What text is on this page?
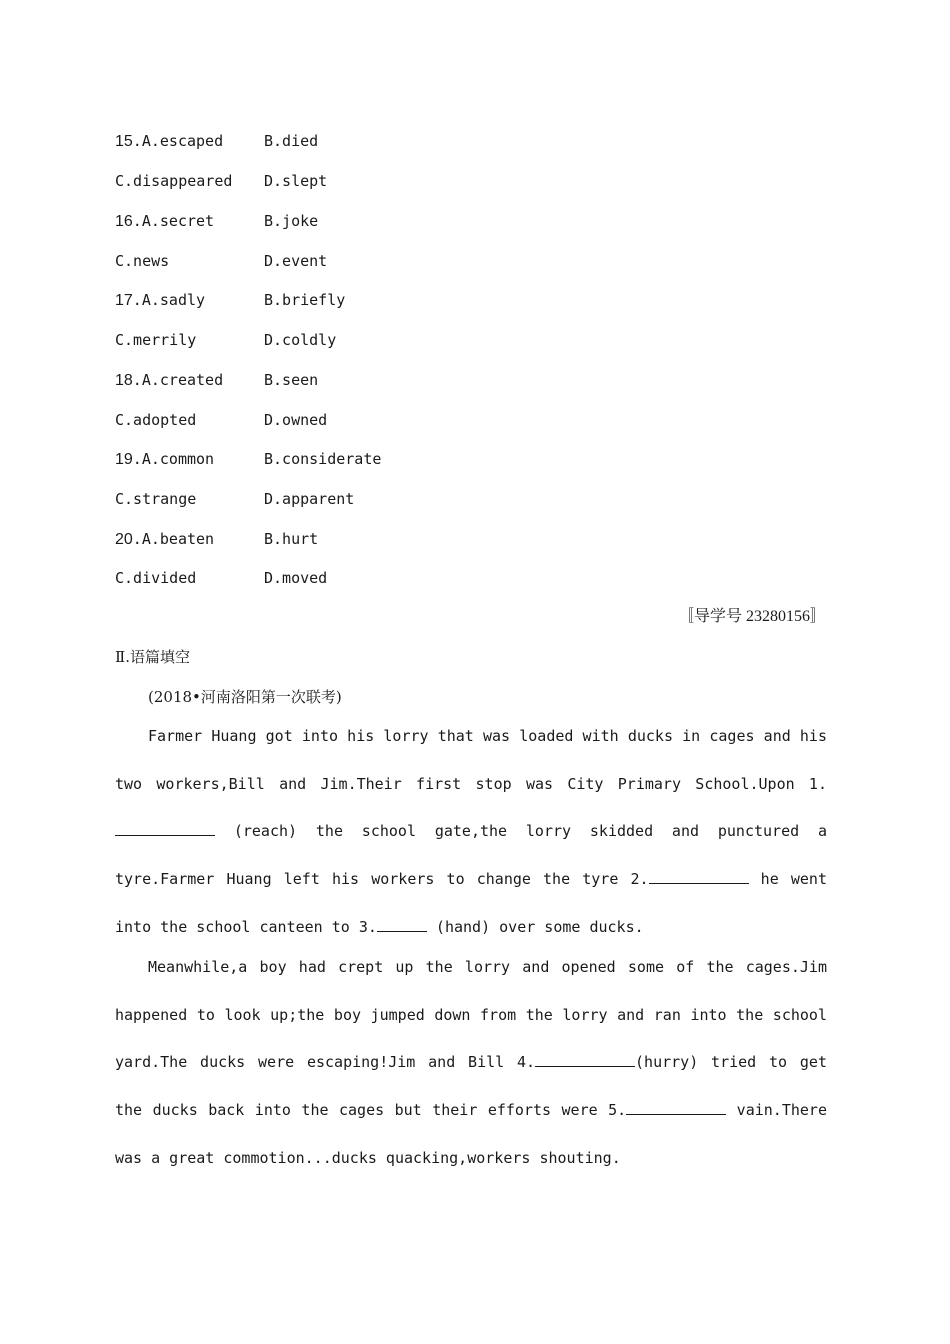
15.A.escaped	B.died
C.disappeared D.slept
16.A.secret	B.joke
C.news	D.event
17.A.sadly	B.briefly
C.merrily	D.coldly
18.A.created	B.seen
C.adopted	D.owned
19.A.common	B.considerate
C.strange	D.apparent
20.A.beaten	B.hurt
C.divided	D.moved
〚导学号 23280156〛
Ⅱ.语篇填空
(2018•河南洛阳第一次联考)
Farmer Huang got into his lorry that was loaded with ducks in cages and his two workers,Bill and Jim.Their first stop was City Primary School.Upon 1. (reach) the school gate,the lorry skidded and punctured a tyre.Farmer Huang left his workers to change the tyre 2.	he went into the school canteen to 3.	(hand) over some ducks.
Meanwhile,a boy had crept up the lorry and opened some of the cages.Jim happened to look up;the boy jumped down from the lorry and ran into the school yard.The ducks were escaping!Jim and Bill 4.	(hurry) tried to get the ducks back into the cages but their efforts were 5.	vain.There was a great commotion...ducks quacking,workers shouting.
